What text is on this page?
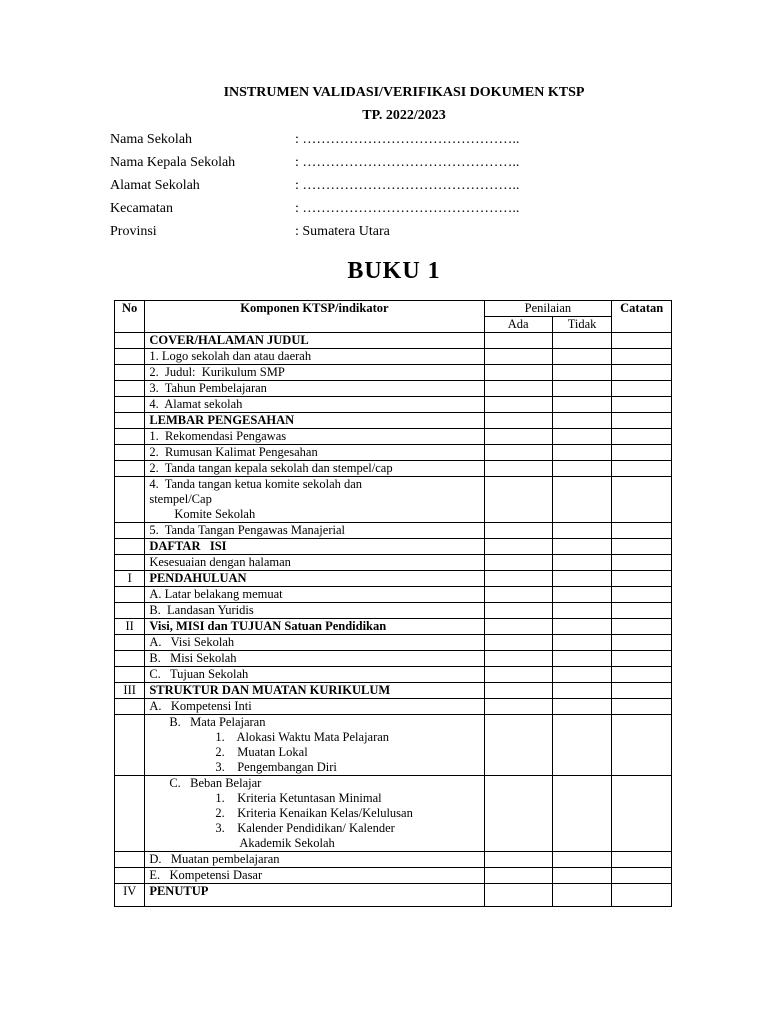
INSTRUMEN VALIDASI/VERIFIKASI DOKUMEN KTSP
TP. 2022/2023
Nama Sekolah	: ………………………………………..
Nama Kepala Sekolah	: ………………………………………..
Alamat Sekolah	: ………………………………………..
Kecamatan	: ………………………………………..
Provinsi	: Sumatera Utara
BUKU 1
No	Komponen KTSP/indikator	Penilaian		Catatan
		Ada	Tidak	

	COVER/HALAMAN JUDUL			

	1. Logo sekolah dan atau daerah			

	2.  Judul:  Kurikulum SMP			

	3.  Tahun Pembelajaran			

	4.  Alamat sekolah			

	LEMBAR PENGESAHAN			

	1.  Rekomendasi Pengawas			

	2.  Rumusan Kalimat Pengesahan			

	2.  Tanda tangan kepala sekolah dan stempel/cap			

	4.  Tanda tangan ketua komite sekolah dan
stempel/Cap
Komite Sekolah			

	5.  Tanda Tangan Pengawas Manajerial			

	DAFTAR   ISI			

	Kesesuaian dengan halaman			

I	PENDAHULUAN			

	A. Latar belakang memuat			

	B.  Landasan Yuridis			

II	Visi, MISI dan TUJUAN Satuan Pendidikan			

	A.   Visi Sekolah			

	B.   Misi Sekolah			

	C.   Tujuan Sekolah			

III	STRUKTUR DAN MUATAN KURIKULUM			

	A.   Kompetensi Inti			

	B.   Mata Pelajaran
1.    Alokasi Waktu Mata Pelajaran
2.    Muatan Lokal
3.    Pengembangan Diri			

	C.   Beban Belajar
1.    Kriteria Ketuntasan Minimal
2.    Kriteria Kenaikan Kelas/Kelulusan
3.    Kalender Pendidikan/ Kalender
Akademik Sekolah			

	D.   Muatan pembelajaran			

	E.   Kompetensi Dasar			

IV	PENUTUP			
